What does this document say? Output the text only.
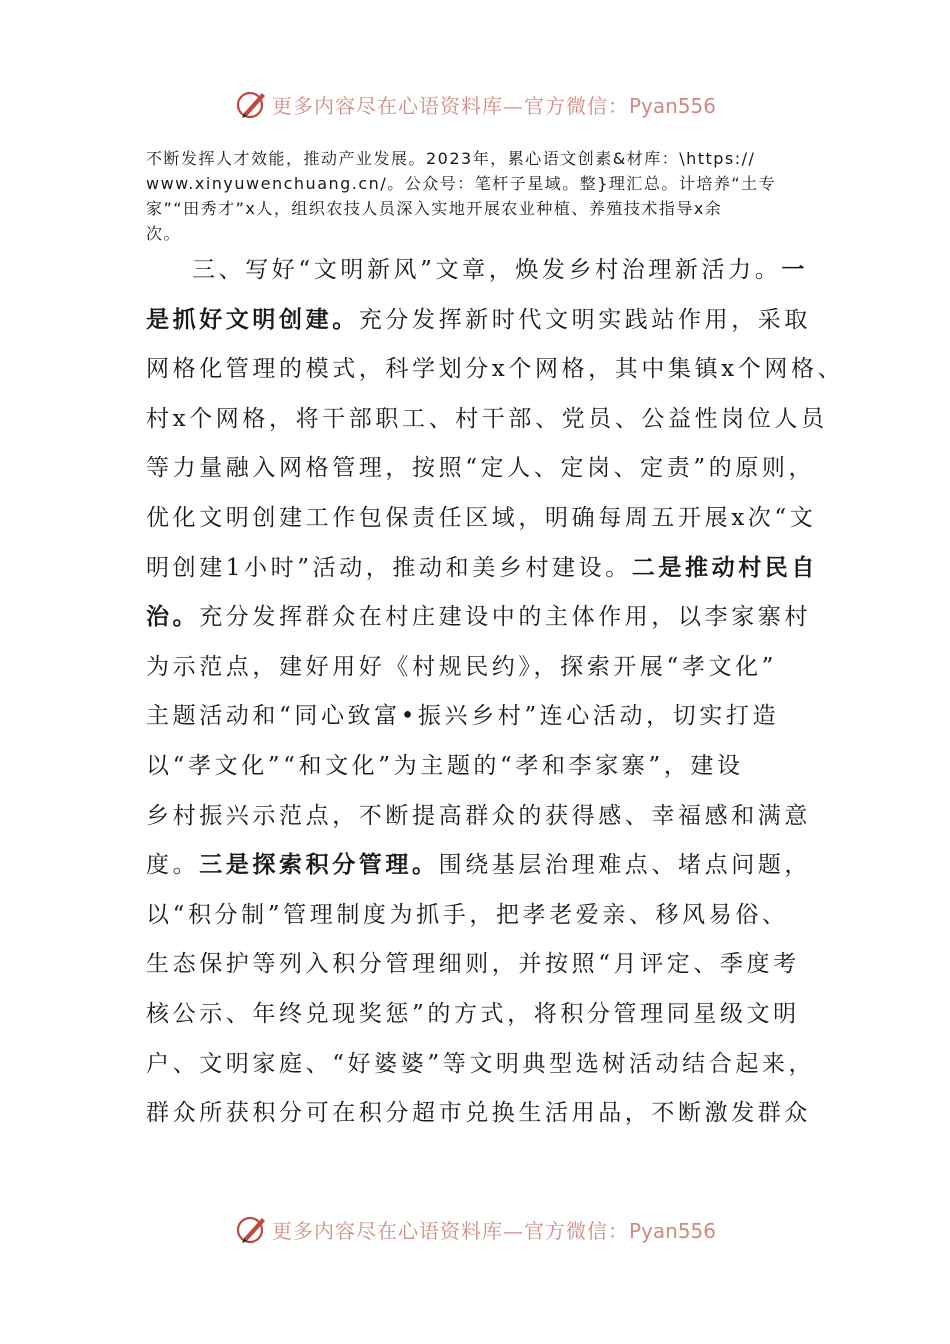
更多内容尽在心语资料库—官方微信：Pyan556
不断发挥人才效能，推动产业发展。2023年，累心语文创素&材库：\https://
www.xinyuwenchuang.cn/。公众号：笔杆子星域。整}理汇总。计培养“土专
家”“田秀才”x人，组织农技人员深入实地开展农业种植、养殖技术指导x余
次。
三、写好“文明新风”文章，焕发乡村治理新活力。一
是抓好文明创建。充分发挥新时代文明实践站作用，采取
网格化管理的模式，科学划分x个网格，其中集镇x个网格、
村x个网格，将干部职工、村干部、党员、公益性岗位人员
等力量融入网格管理，按照“定人、定岗、定责”的原则，
优化文明创建工作包保责任区域，明确每周五开展x次“文
明创建1小时”活动，推动和美乡村建设。二是推动村民自
治。充分发挥群众在村庄建设中的主体作用，以李家寨村
为示范点，建好用好《村规民约》，探索开展“孝文化”
主题活动和“同心致富•振兴乡村”连心活动，切实打造
以“孝文化”“和文化”为主题的“孝和李家寨”，建设
乡村振兴示范点，不断提高群众的获得感、幸福感和满意
度。三是探索积分管理。围绕基层治理难点、堵点问题，
以“积分制”管理制度为抓手，把孝老爱亲、移风易俗、
生态保护等列入积分管理细则，并按照“月评定、季度考
核公示、年终兑现奖惩”的方式，将积分管理同星级文明
户、文明家庭、“好婆婆”等文明典型选树活动结合起来，
群众所获积分可在积分超市兑换生活用品，不断激发群众
更多内容尽在心语资料库—官方微信：Pyan556
